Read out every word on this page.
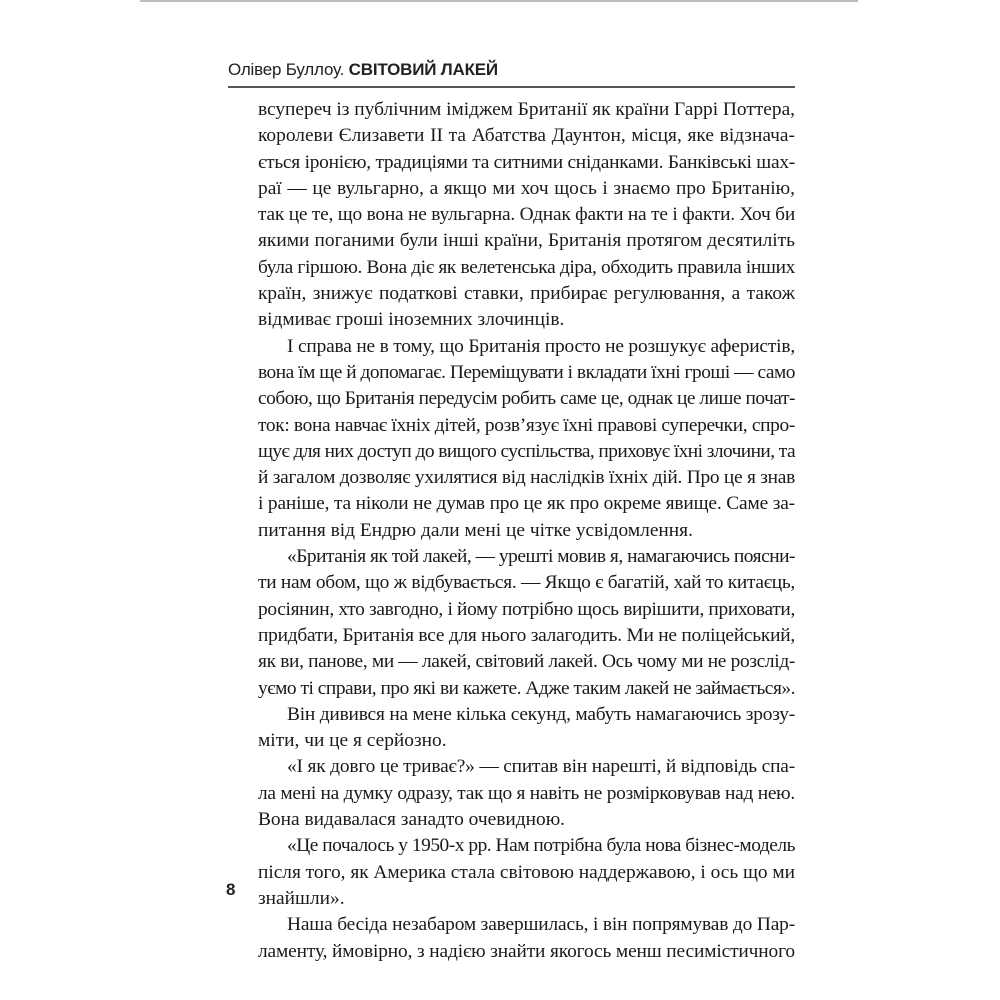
Олівер Буллоу. СВІТОВИЙ ЛАКЕЙ
всупереч із публічним іміджем Британії як країни Гаррі Поттера,
королеви Єлизавети II та Абатства Даунтон, місця, яке відзнача-
ється іронією, традиціями та ситними сніданками. Банківські шах-
раї — це вульгарно, а якщо ми хоч щось і знаємо про Британію,
так це те, що вона не вульгарна. Однак факти на те і факти. Хоч би
якими поганими були інші країни, Британія протягом десятиліть
була гіршою. Вона діє як велетенська діра, обходить правила інших
країн, знижує податкові ставки, прибирає регулювання, а також
відмиває гроші іноземних злочинців.
І справа не в тому, що Британія просто не розшукує аферистів,
вона їм ще й допомагає. Переміщувати і вкладати їхні гроші — само
собою, що Британія передусім робить саме це, однак це лише почат-
ток: вона навчає їхніх дітей, розв’язує їхні правові суперечки, спро-
щує для них доступ до вищого суспільства, приховує їхні злочини, та
й загалом дозволяє ухилятися від наслідків їхніх дій. Про це я знав
і раніше, та ніколи не думав про це як про окреме явище. Саме за-
питання від Ендрю дали мені це чітке усвідомлення.
«Британія як той лакей, — урешті мовив я, намагаючись поясни-
ти нам обом, що ж відбувається. — Якщо є багатій, хай то китаєць,
росіянин, хто завгодно, і йому потрібно щось вирішити, приховати,
придбати, Британія все для нього залагодить. Ми не поліцейський,
як ви, панове, ми — лакей, світовий лакей. Ось чому ми не розслід-
уємо ті справи, про які ви кажете. Адже таким лакей не займається».
Він дивився на мене кілька секунд, мабуть намагаючись зрозу-
міти, чи це я серйозно.
«І як довго це триває?» — спитав він нарешті, й відповідь спа-
ла мені на думку одразу, так що я навіть не розмірковував над нею.
Вона видавалася занадто очевидною.
«Це почалось у 1950-х рр. Нам потрібна була нова бізнес-модель
після того, як Америка стала світовою наддержавою, і ось що ми
знайшли».
Наша бесіда незабаром завершилась, і він попрямував до Пар-
ламенту, ймовірно, з надією знайти якогось менш песимістичного
8
